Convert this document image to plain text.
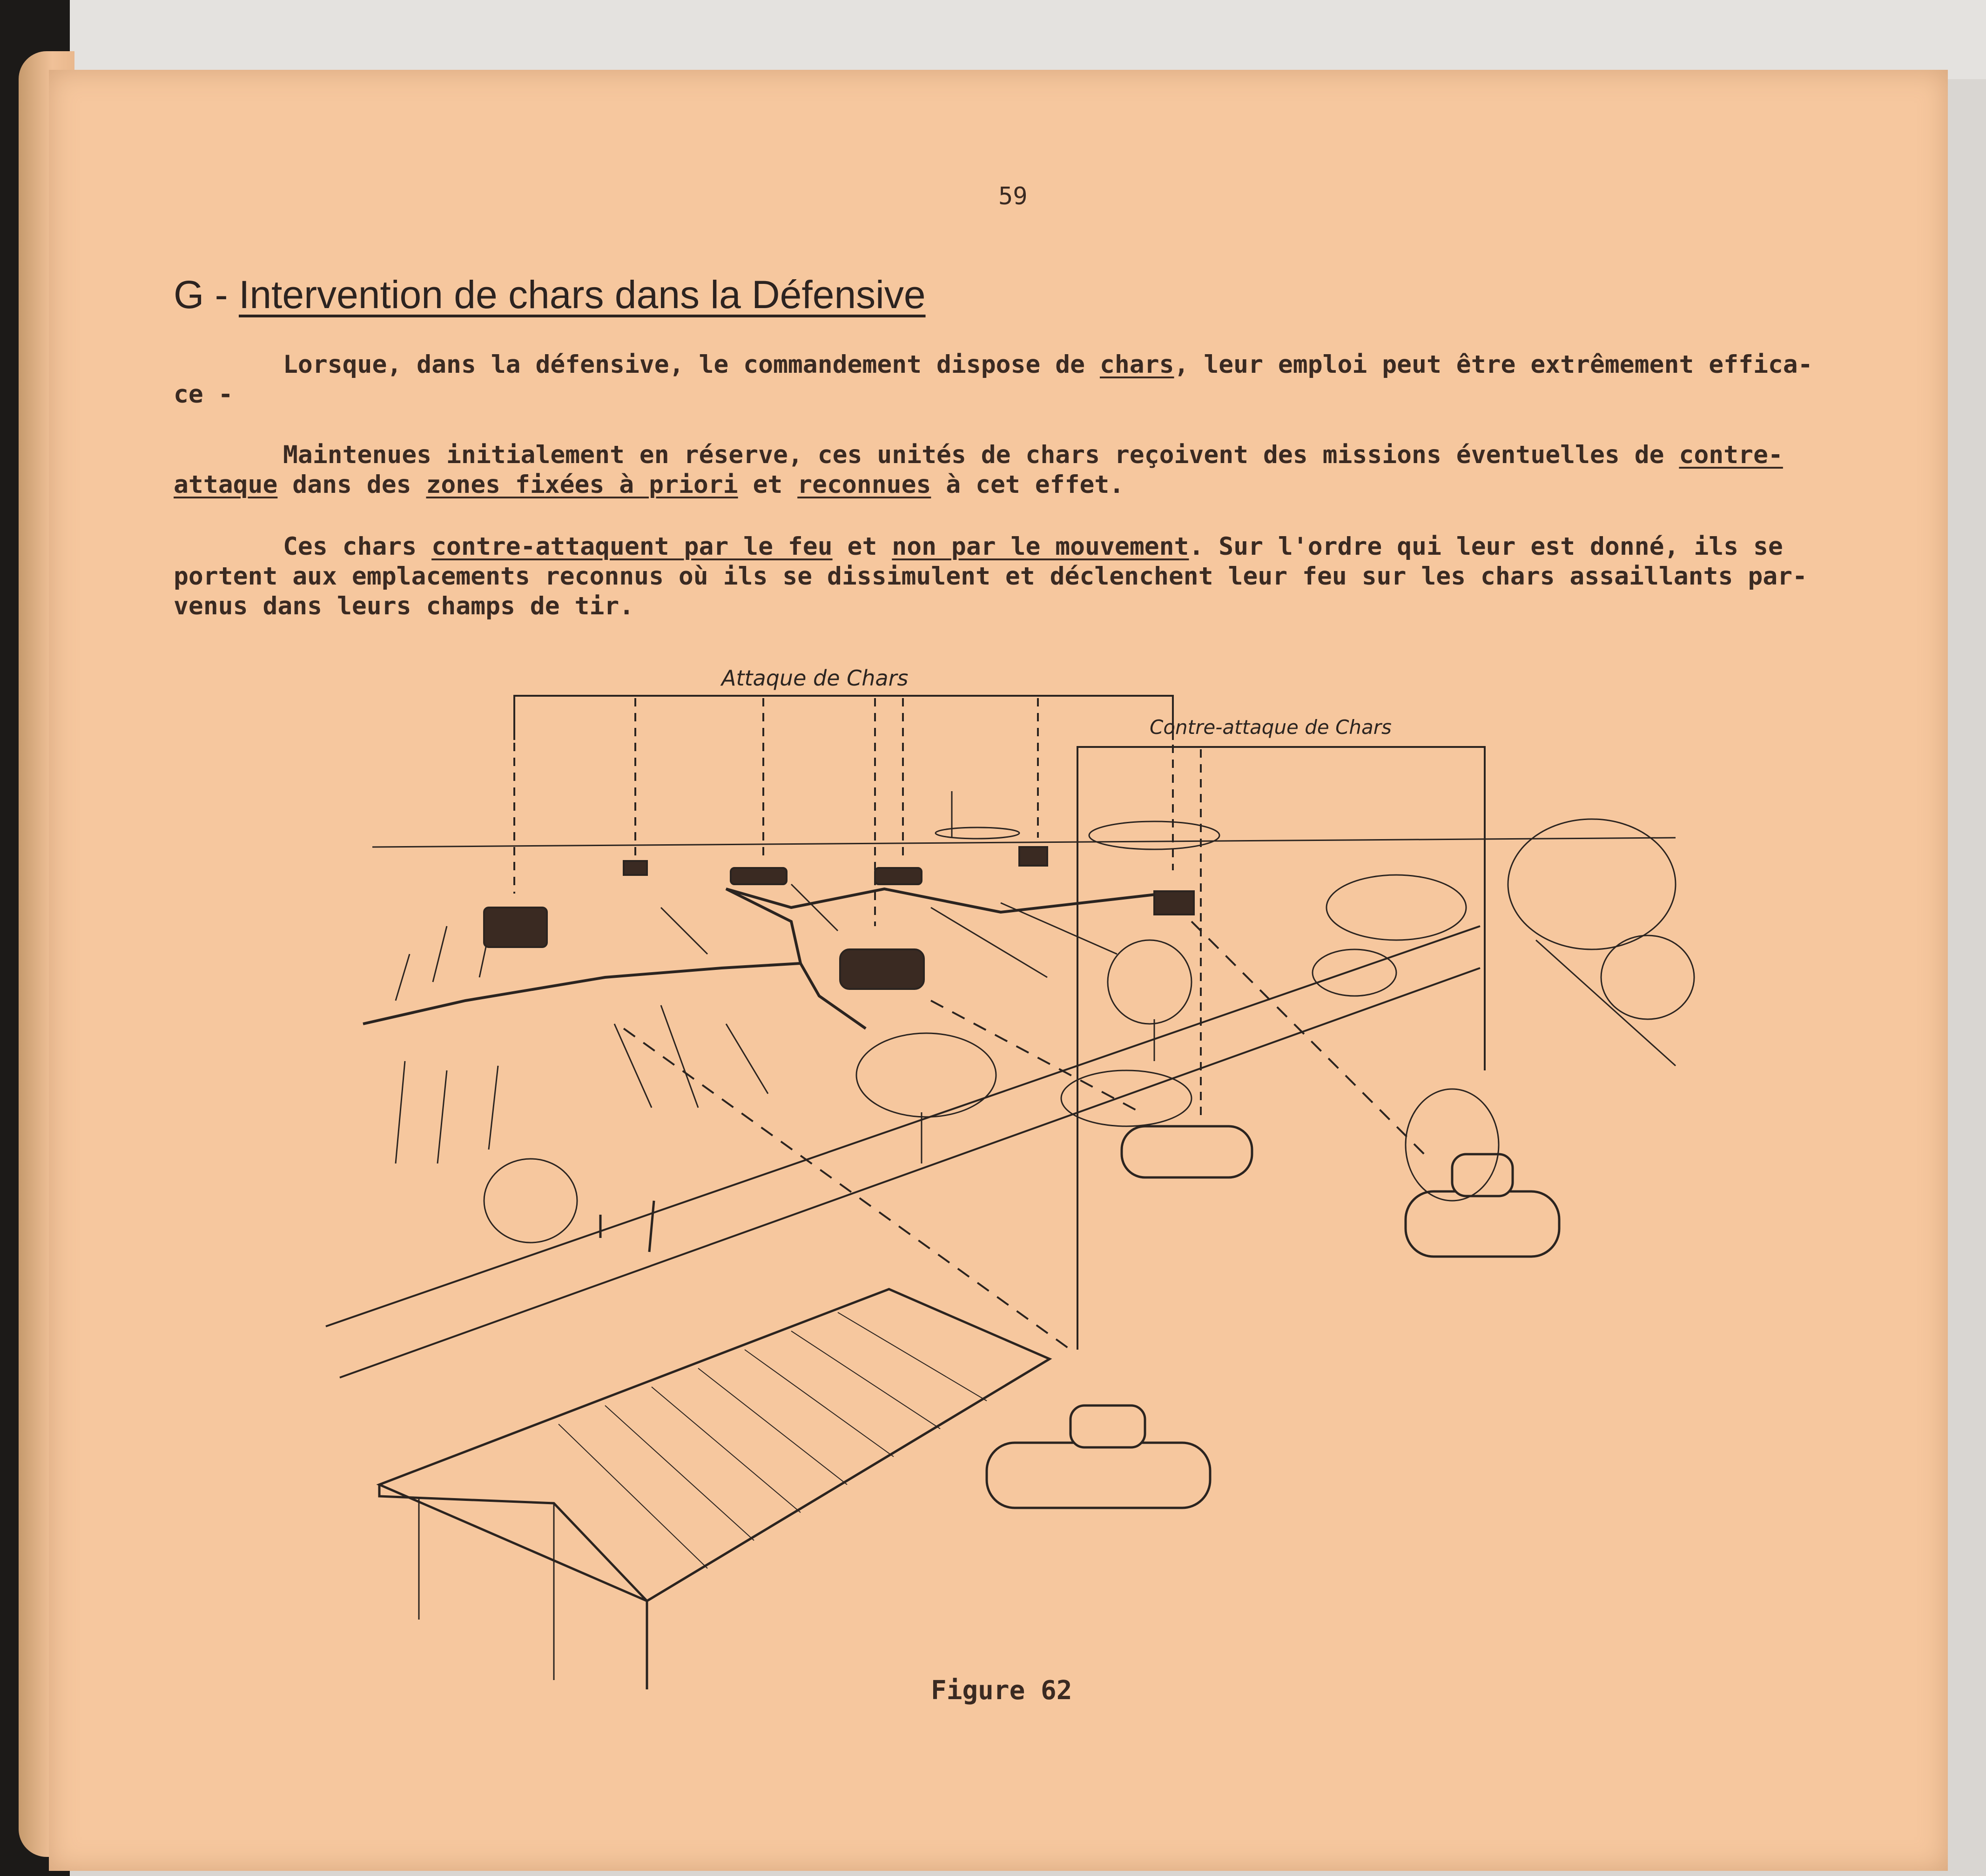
59
G - Intervention de chars dans la Défensive
Lorsque, dans la défensive, le commandement dispose de chars, leur emploi peut être extrêmement effica-
ce -
Maintenues initialement en réserve, ces unités de chars reçoivent des missions éventuelles de contre-
attaque dans des zones fixées à priori et reconnues à cet effet.
Ces chars contre-attaquent par le feu et non par le mouvement. Sur l'ordre qui leur est donné, ils se
portent aux emplacements reconnus où ils se dissimulent et déclenchent leur feu sur les chars assaillants par-
venus dans leurs champs de tir.
Attaque de Chars
Contre-attaque de Chars
Figure 62
